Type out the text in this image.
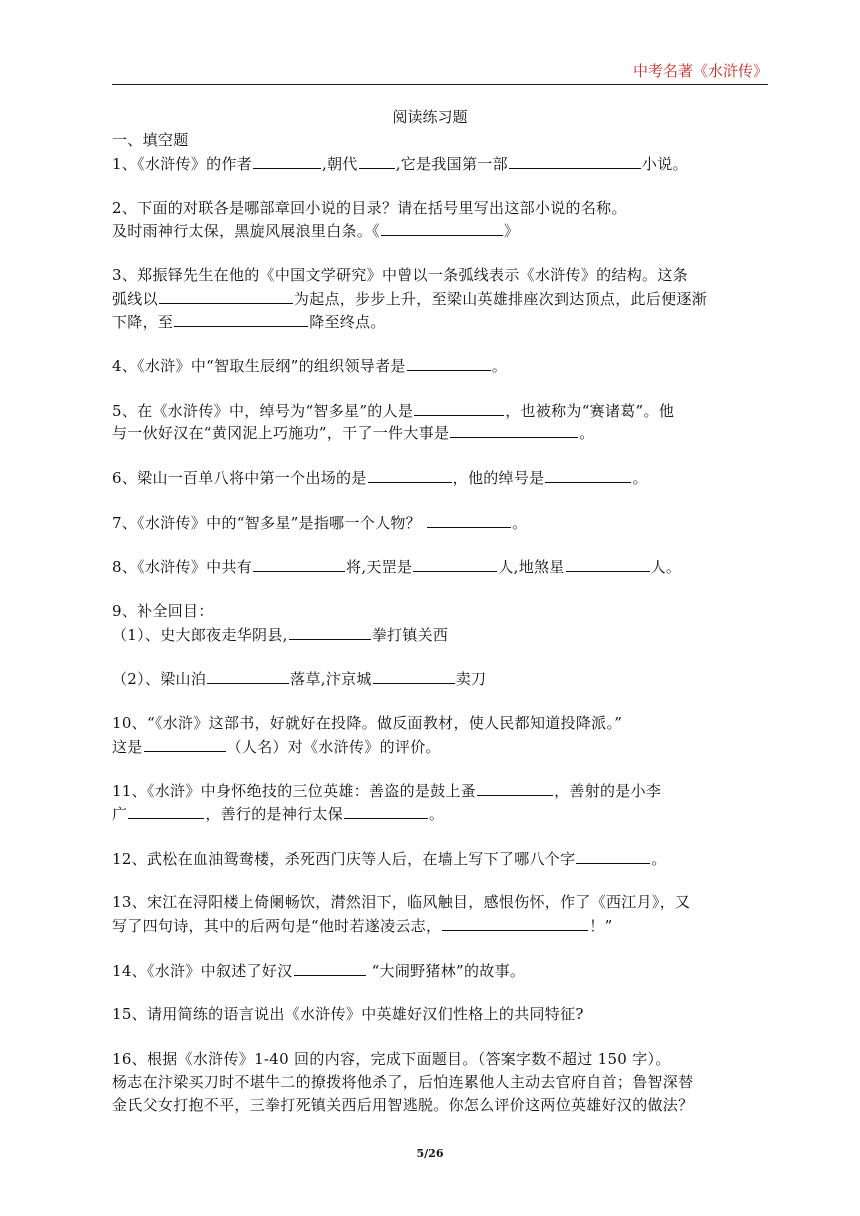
中考名著《水浒传》
阅读练习题
一、填空题
1、《水浒传》的作者	,朝代	,它是我国第一部	小说。
2、下面的对联各是哪部章回小说的目录？请在括号里写出这部小说的名称。
及时雨神行太保，黑旋风展浪里白条。《	》
3、郑振铎先生在他的《中国文学研究》中曾以一条弧线表示《水浒传》的结构。这条
弧线以	为起点，步步上升，至梁山英雄排座次到达顶点，此后便逐渐
下降，至	降至终点。
4、《水浒》中“智取生辰纲”的组织领导者是	。
5、在《水浒传》中，绰号为“智多星”的人是	，也被称为“赛诸葛”。他
与一伙好汉在“黄冈泥上巧施功”，干了一件大事是	。
6、梁山一百单八将中第一个出场的是	，他的绰号是	。
7、《水浒传》中的“智多星”是指哪一个人物？	。
8、《水浒传》中共有	将,天罡是	人,地煞星	人。
9、补全回目：
（1）、史大郎夜走华阴县,	拳打镇关西
（2）、梁山泊	落草,汴京城	卖刀
10、“《水浒》这部书，好就好在投降。做反面教材，使人民都知道投降派。”
这是	（人名）对《水浒传》的评价。
11、《水浒》中身怀绝技的三位英雄：善盗的是鼓上蚤	，善射的是小李
广	，善行的是神行太保	。
12、武松在血油鸳鸯楼，杀死西门庆等人后，在墙上写下了哪八个字	。
13、宋江在浔阳楼上倚阑畅饮，潸然泪下，临风触目，感恨伤怀，作了《西江月》，又
写了四句诗，其中的后两句是“他时若遂凌云志，	！”
14、《水浒》中叙述了好汉	“大闹野猪林”的故事。
15、请用简练的语言说出《水浒传》中英雄好汉们性格上的共同特征?
16、根据《水浒传》1-40 回的内容，完成下面题目。（答案字数不超过 150 字）。
杨志在汴梁买刀时不堪牛二的撩拨将他杀了，后怕连累他人主动去官府自首；鲁智深替
金氏父女打抱不平，三拳打死镇关西后用智逃脱。你怎么评价这两位英雄好汉的做法？
5/26
